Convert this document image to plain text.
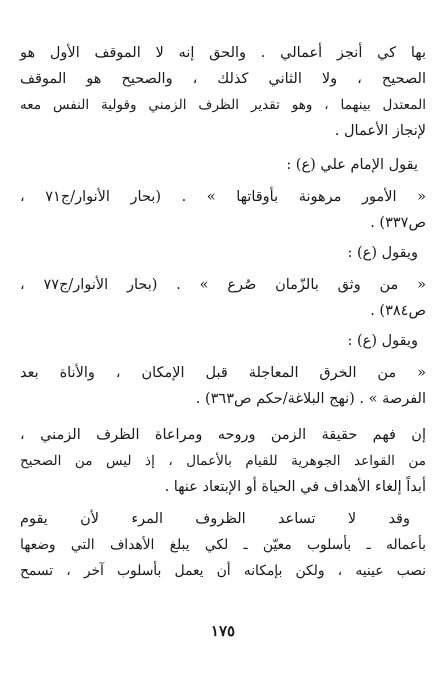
بها كي أنجز أعمالي . والحق إنه لا الموقف الأول هو
الصحيح ، ولا الثاني كذلك ، والصحيح هو الموقف
المعتدل بينهما ، وهو تقدير الظرف الزمني وقولية النفس معه
لإنجاز الأعمال .
يقول الإمام علي (ع) :
« الأمور مرهونة بأوقاتها » . (بحار الأنوار/ج٧١ ،
ص٣٣٧) .
ويقول (ع) :
« من وثق بالزّمان صُرع » . (بحار الأنوار/ج٧٧ ،
ص٣٨٤) .
ويقول (ع) :
« من الخرق المعاجلة قبل الإمكان ، والأناة بعد
الفرصة » . (نهج البلاغة/حكم ص٣٦٣) .
إن فهم حقيقة الزمن وروحه ومراعاة الظرف الزمني ،
من القواعد الجوهرية للقيام بالأعمال ، إذ ليس من الصحيح
أبداً إلغاء الأهداف في الحياة أو الإبتعاد عنها .
وقد لا تساعد الظروف المرء لأن يقوم
بأعماله ـ بأسلوب معيّن ـ لكي يبلغ الأهداف التي وضعها
نصب عينيه ، ولكن بإمكانه أن يعمل بأسلوب آخر ، تسمح
١٧٥
